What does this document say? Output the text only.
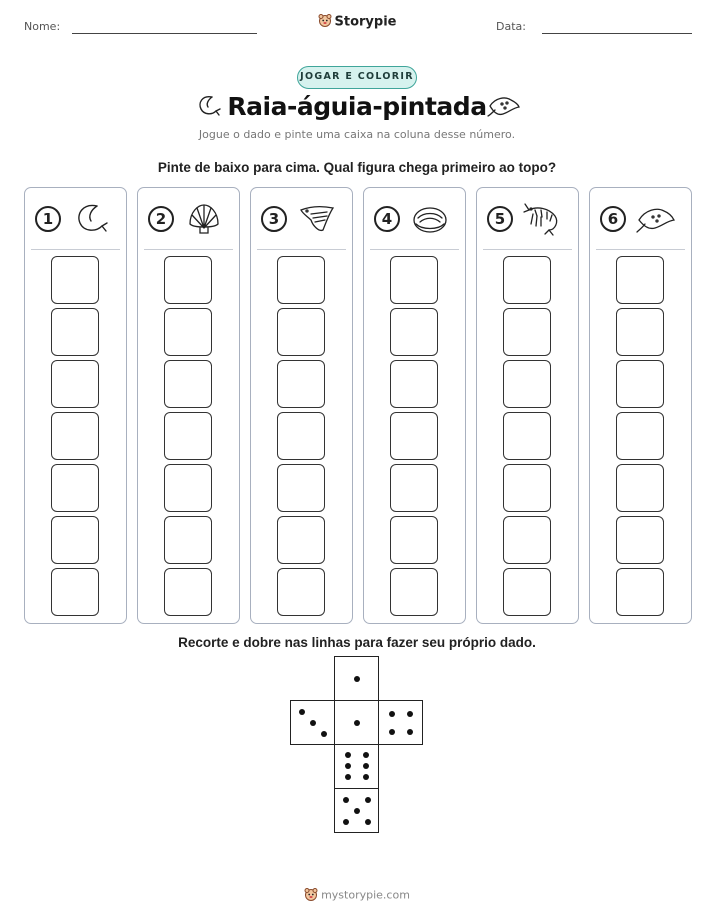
Nome:	Data:
Storypie
JOGAR E COLORIR
Raia-águia-pintada
Jogue o dado e pinte uma caixa na coluna desse número.
Pinte de baixo para cima. Qual figura chega primeiro ao topo?
1	2	3	4	5	6
Recorte e dobre nas linhas para fazer seu próprio dado.
mystorypie.com
